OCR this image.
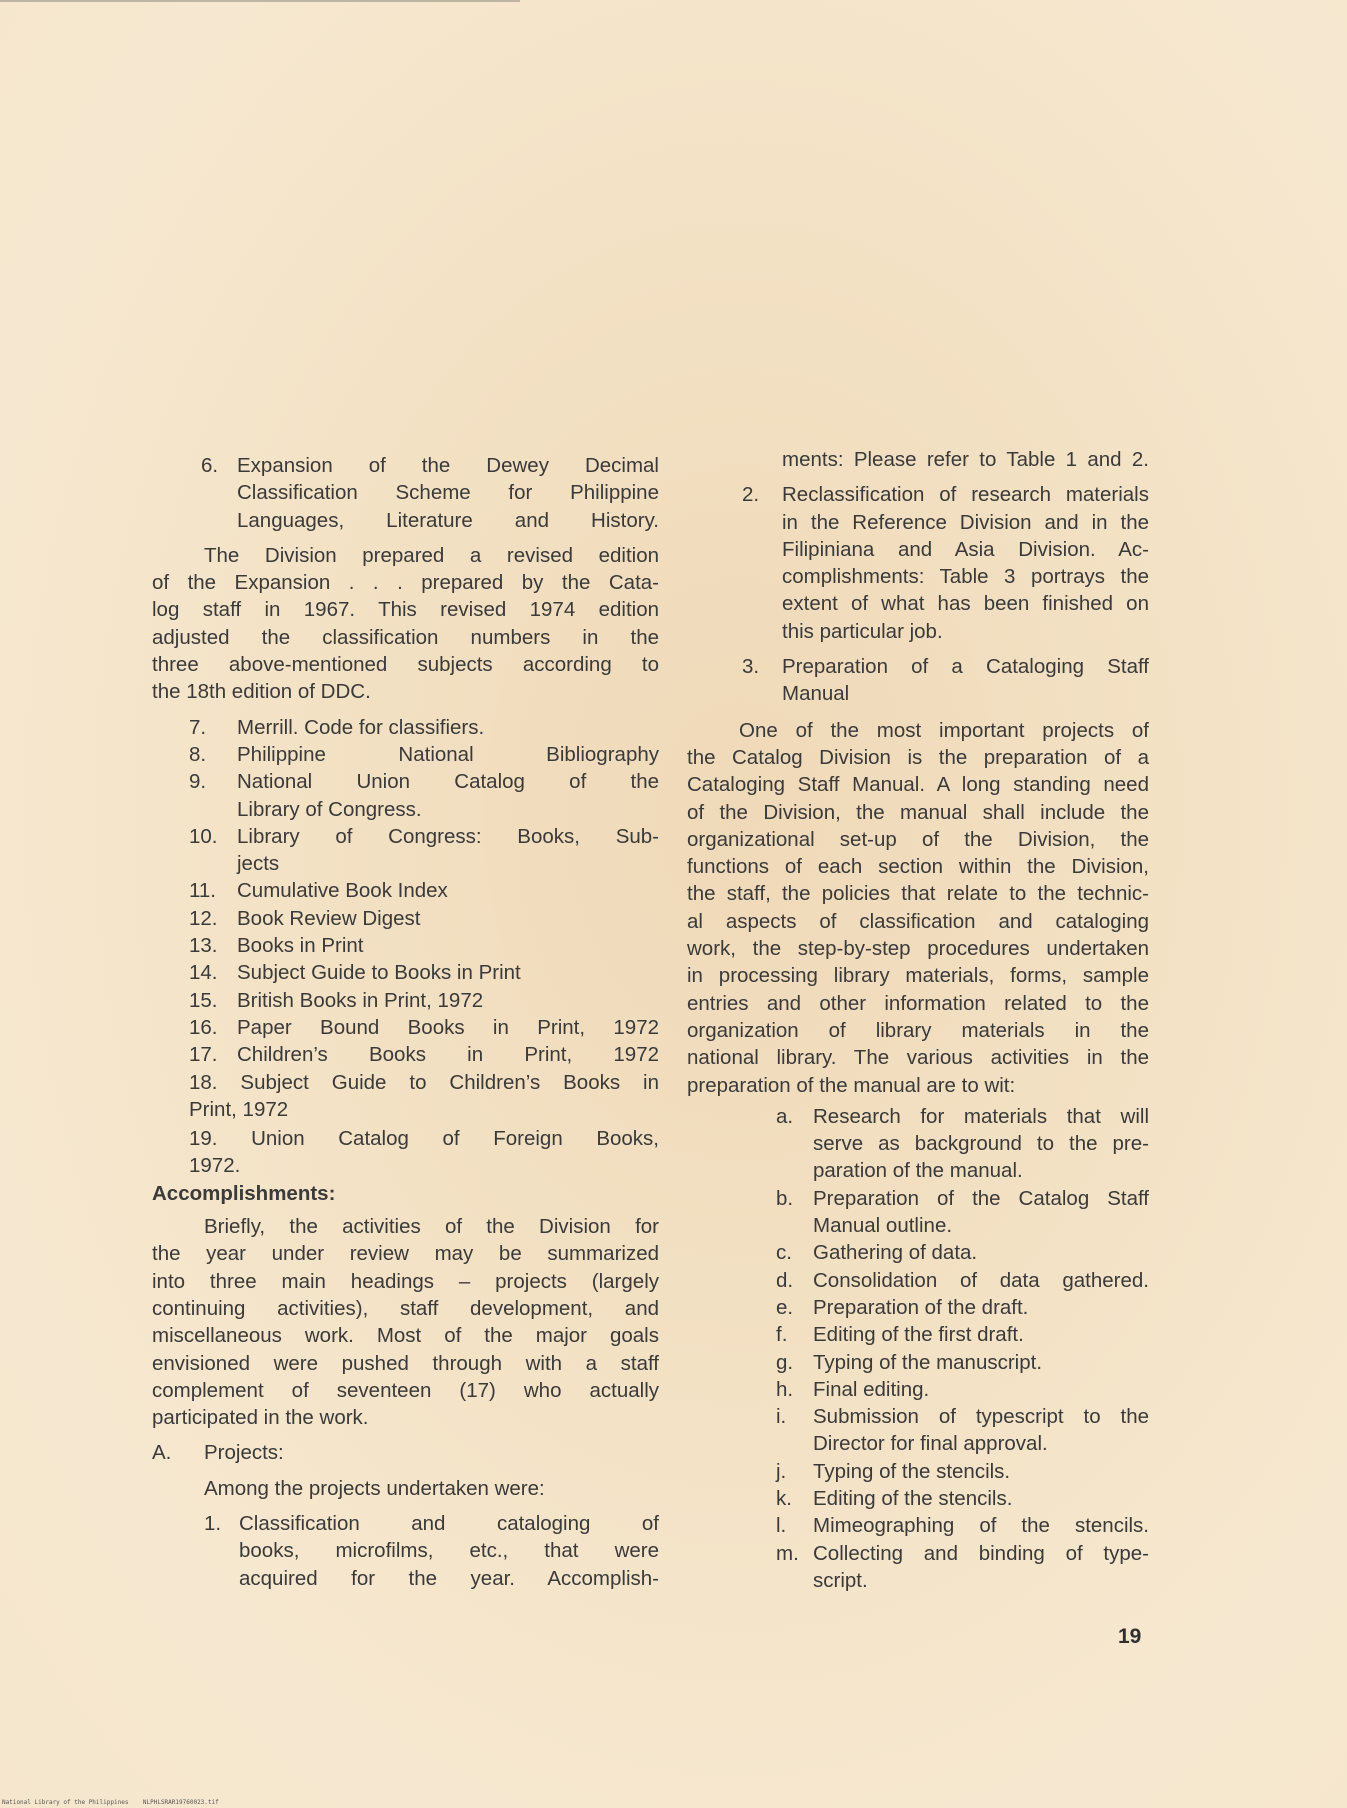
6. Expansion of the Dewey Decimal
Classification Scheme for Philippine
Languages, Literature and History.
The Division prepared a revised edition
of the Expansion . . . prepared by the Cata-
log staff in 1967. This revised 1974 edition
adjusted the classification numbers in the
three above-mentioned subjects according to
the 18th edition of DDC.
7.	Merrill. Code for classifiers.
8.	Philippine National Bibliography
9.	National Union Catalog of the
Library of Congress.
10. Library of Congress: Books, Sub-
jects
11.	Cumulative Book Index
12. Book Review Digest
13. Books in Print
14. Subject Guide to Books in Print
15. British Books in Print, 1972
16. Paper Bound Books in Print, 1972
17. Children’s Books in Print, 1972
18. Subject Guide to Children’s Books in
Print, 1972
19. Union Catalog of Foreign Books,
1972.
Accomplishments:
Briefly, the activities of the Division for
the year under review may be summarized
into three main headings – projects (largely
continuing activities), staff development, and
miscellaneous work. Most of the major goals
envisioned were pushed through with a staff
complement of seventeen (17) who actually
participated in the work.
A.	Projects:
Among the projects undertaken were:
1. Classification and cataloging of
books, microfilms, etc., that were
acquired for the year. Accomplish-
ments: Please refer to Table 1 and 2.
2.	Reclassification of research materials
in the Reference Division and in the
Filipiniana and Asia Division. Ac-
complishments: Table 3 portrays the
extent of what has been finished on
this particular job.
3.	Preparation of a Cataloging Staff
Manual
One of the most important projects of
the Catalog Division is the preparation of a
Cataloging Staff Manual. A long standing need
of the Division, the manual shall include the
organizational set-up of the Division, the
functions of each section within the Division,
the staff, the policies that relate to the technic-
al aspects of classification and cataloging
work, the step-by-step procedures undertaken
in processing library materials, forms, sample
entries and other information related to the
organization of library materials in the
national library. The various activities in the
preparation of the manual are to wit:
a. Research for materials that will
serve as background to the pre-
paration of the manual.
b. Preparation of the Catalog Staff
Manual outline.
c.	Gathering of data.
d. Consolidation of data gathered.
e. Preparation of the draft.
f.	Editing of the first draft.
g. Typing of the manuscript.
h. Final editing.
i.	Submission of typescript to the
Director for final approval.
j.	Typing of the stencils.
k.	Editing of the stencils.
l.	Mimeographing of the stencils.
m. Collecting and binding of type-
script.
19
National Library of the Philippines    NLPHLSRAR19760023.tif
